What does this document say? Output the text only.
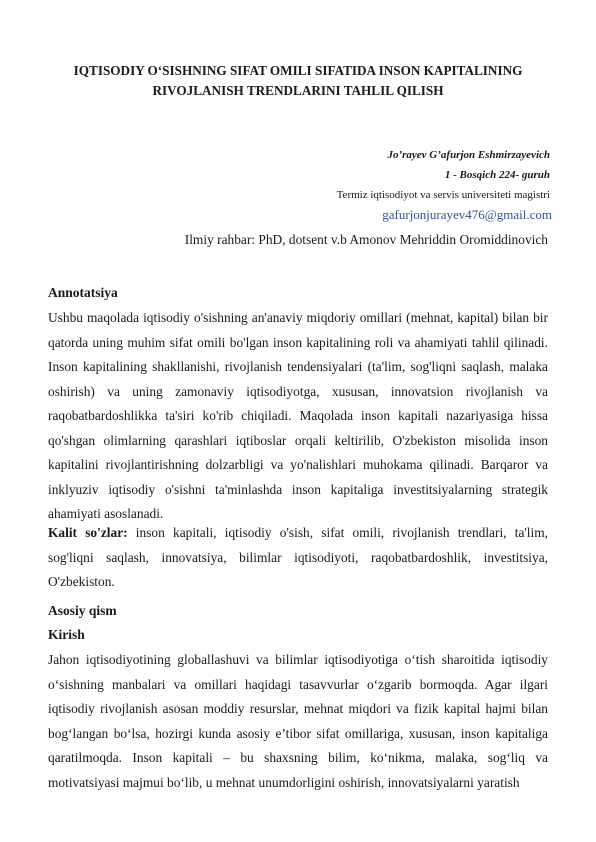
IQTISODIY O‘SISHNING SIFAT OMILI SIFATIDA INSON KAPITALINING
RIVOJLANISH TRENDLARINI TAHLIL QILISH
Jo’rayev G’afurjon Eshmirzayevich
1 - Bosqich 224- guruh
Termiz iqtisodiyot va servis universiteti magistri
gafurjonjurayev476@gmail.com
Ilmiy rahbar: PhD, dotsent v.b Amonov Mehriddin Oromiddinovich
Annotatsiya

Ushbu maqolada iqtisodiy o'sishning an'anaviy miqdoriy omillari (mehnat, kapital) bilan bir qatorda uning muhim sifat omili bo'lgan inson kapitalining roli va ahamiyati tahlil qilinadi. Inson kapitalining shakllanishi, rivojlanish tendensiyalari (ta'lim, sog'liqni saqlash, malaka oshirish) va uning zamonaviy iqtisodiyotga, xususan, innovatsion rivojlanish va raqobatbardoshlikka ta'siri ko'rib chiqiladi. Maqolada inson kapitali nazariyasiga hissa qo'shgan olimlarning qarashlari iqtiboslar orqali keltirilib, O'zbekiston misolida inson kapitalini rivojlantirishning dolzarbligi va yo'nalishlari muhokama qilinadi. Barqaror va inklyuziv iqtisodiy o'sishni ta'minlashda inson kapitaliga investitsiyalarning strategik ahamiyati asoslanadi.

Kalit so'zlar: inson kapitali, iqtisodiy o'sish, sifat omili, rivojlanish trendlari, ta'lim, sog'liqni saqlash, innovatsiya, bilimlar iqtisodiyoti, raqobatbardoshlik, investitsiya, O'zbekiston.

Asosiy qism
Kirish

Jahon iqtisodiyotining globallashuvi va bilimlar iqtisodiyotiga o‘tish sharoitida iqtisodiy o‘sishning manbalari va omillari haqidagi tasavvurlar o‘zgarib bormoqda. Agar ilgari iqtisodiy rivojlanish asosan moddiy resurslar, mehnat miqdori va fizik kapital hajmi bilan bog‘langan bo‘lsa, hozirgi kunda asosiy e’tibor sifat omillariga, xususan, inson kapitaliga qaratilmoqda. Inson kapitali – bu shaxsning bilim, ko‘nikma, malaka, sog‘liq va motivatsiyasi majmui bo‘lib, u mehnat unumdorligini oshirish, innovatsiyalarni yaratish
